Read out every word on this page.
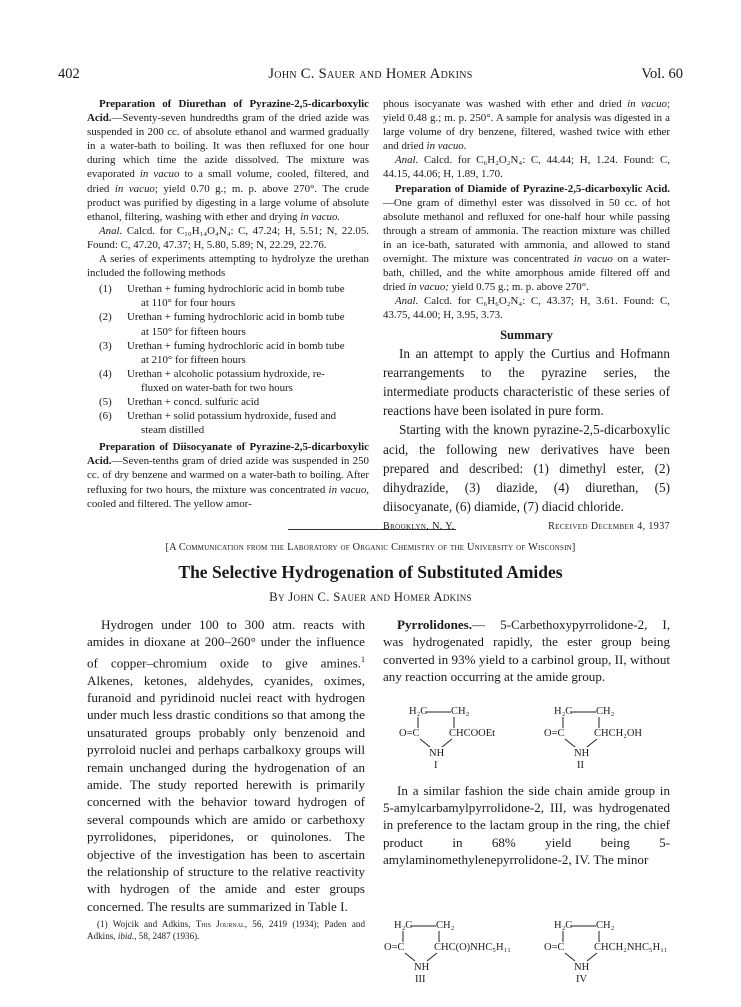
402	John C. Sauer and Homer Adkins	Vol. 60

Preparation of Diurethan of Pyrazine-2,5-dicarboxylic Acid.—Seventy-seven hundredths gram of the dried azide was suspended in 200 cc. of absolute ethanol and warmed gradually in a water-bath to boiling. It was then refluxed for one hour during which time the azide dissolved. The mixture was evaporated in vacuo to a small volume, cooled, filtered, and dried in vacuo; yield 0.70 g.; m. p. above 270°. The crude product was purified by digesting in a large volume of absolute ethanol, filtering, washing with ether and drying in vacuo.

Anal. Calcd. for C₁₀H₁₄O₄N₄: C, 47.24; H, 5.51; N, 22.05. Found: C, 47.20, 47.37; H, 5.80, 5.89; N, 22.29, 22.76.

A series of experiments attempting to hydrolyze the urethan included the following methods

(1) Urethan + fuming hydrochloric acid in bomb tube
at 110° for four hours
(2) Urethan + fuming hydrochloric acid in bomb tube
at 150° for fifteen hours
(3) Urethan + fuming hydrochloric acid in bomb tube
at 210° for fifteen hours
(4) Urethan + alcoholic potassium hydroxide, re-
fluxed on water-bath for two hours
(5) Urethan + concd. sulfuric acid
(6) Urethan + solid potassium hydroxide, fused and
steam distilled

Preparation of Diisocyanate of Pyrazine-2,5-dicarboxylic Acid.—Seven-tenths gram of dried azide was suspended in 250 cc. of dry benzene and warmed on a water-bath to boiling. After refluxing for two hours, the mixture was concentrated in vacuo, cooled and filtered. The yellow amor-

phous isocyanate was washed with ether and dried in vacuo; yield 0.48 g.; m. p. 250°. A sample for analysis was digested in a large volume of dry benzene, filtered, washed twice with ether and dried in vacuo.

Anal. Calcd. for C₆H₂O₂N₄: C, 44.44; H, 1.24. Found: C, 44.15, 44.06; H, 1.89, 1.70.

Preparation of Diamide of Pyrazine-2,5-dicarboxylic Acid.—One gram of dimethyl ester was dissolved in 50 cc. of hot absolute methanol and refluxed for one-half hour while passing through a stream of ammonia. The reaction mixture was chilled in an ice-bath, saturated with ammonia, and allowed to stand overnight. The mixture was concentrated in vacuo on a water-bath, chilled, and the white amorphous amide filtered off and dried in vacuo; yield 0.75 g.; m. p. above 270°.

Anal. Calcd. for C₆H₆O₂N₄: C, 43.37; H, 3.61. Found: C, 43.75, 44.00; H, 3.95, 3.73.

Summary

In an attempt to apply the Curtius and Hofmann rearrangements to the pyrazine series, the intermediate products characteristic of these series of reactions have been isolated in pure form.

Starting with the known pyrazine-2,5-dicarboxylic acid, the following new derivatives have been prepared and described: (1) dimethyl ester, (2) dihydrazide, (3) diazide, (4) diurethan, (5) diisocyanate, (6) diamide, (7) diacid chloride.

Brooklyn, N. Y.	Received December 4, 1937
[A Communication from the Laboratory of Organic Chemistry of the University of Wisconsin]
The Selective Hydrogenation of Substituted Amides
By John C. Sauer and Homer Adkins

Hydrogen under 100 to 300 atm. reacts with amides in dioxane at 200–260° under the influence of copper–chromium oxide to give amines.$^1$ Alkenes, ketones, aldehydes, cyanides, oximes, furanoid and pyridinoid nuclei react with hydrogen under much less drastic conditions so that among the unsaturated groups probably only benzenoid and pyrroloid nuclei and perhaps carbalkoxy groups will remain unchanged during the hydrogenation of an amide. The study reported herewith is primarily concerned with the behavior toward hydrogen of several compounds which are amido or carbethoxy pyrrolidones, piperidones, or quinolones. The objective of the investigation has been to ascertain the relationship of structure to the relative reactivity with hydrogen of the amide and ester groups concerned. The results are summarized in Table I.

(1) Wojcik and Adkins, This Journal, 56, 2419 (1934); Paden and Adkins, ibid., 58, 2487 (1936).

Pyrrolidones.— 5-Carbethoxypyrrolidone-2, I, was hydrogenated rapidly, the ester group being converted in 93% yield to a carbinol group, II, without any reaction occurring at the amide group.

In a similar fashion the side chain amide group in 5-amylcarbamylpyrrolidone-2, III, was hydrogenated in preference to the lactam group in the ring, the chief product in 68% yield being 5-amylaminomethylenepyrrolidone-2, IV. The minor

H₂C CH₂
O=C	CHCOOEt
NH
I
H₂C CH₂
O=C	CHCH₂OH
NH
II
H₂C CH₂
O=C	CHC(O)NHC₅H₁₁
NH
III
H₂C CH₂
O=C	CHCH₂NHC₅H₁₁
NH
IV
